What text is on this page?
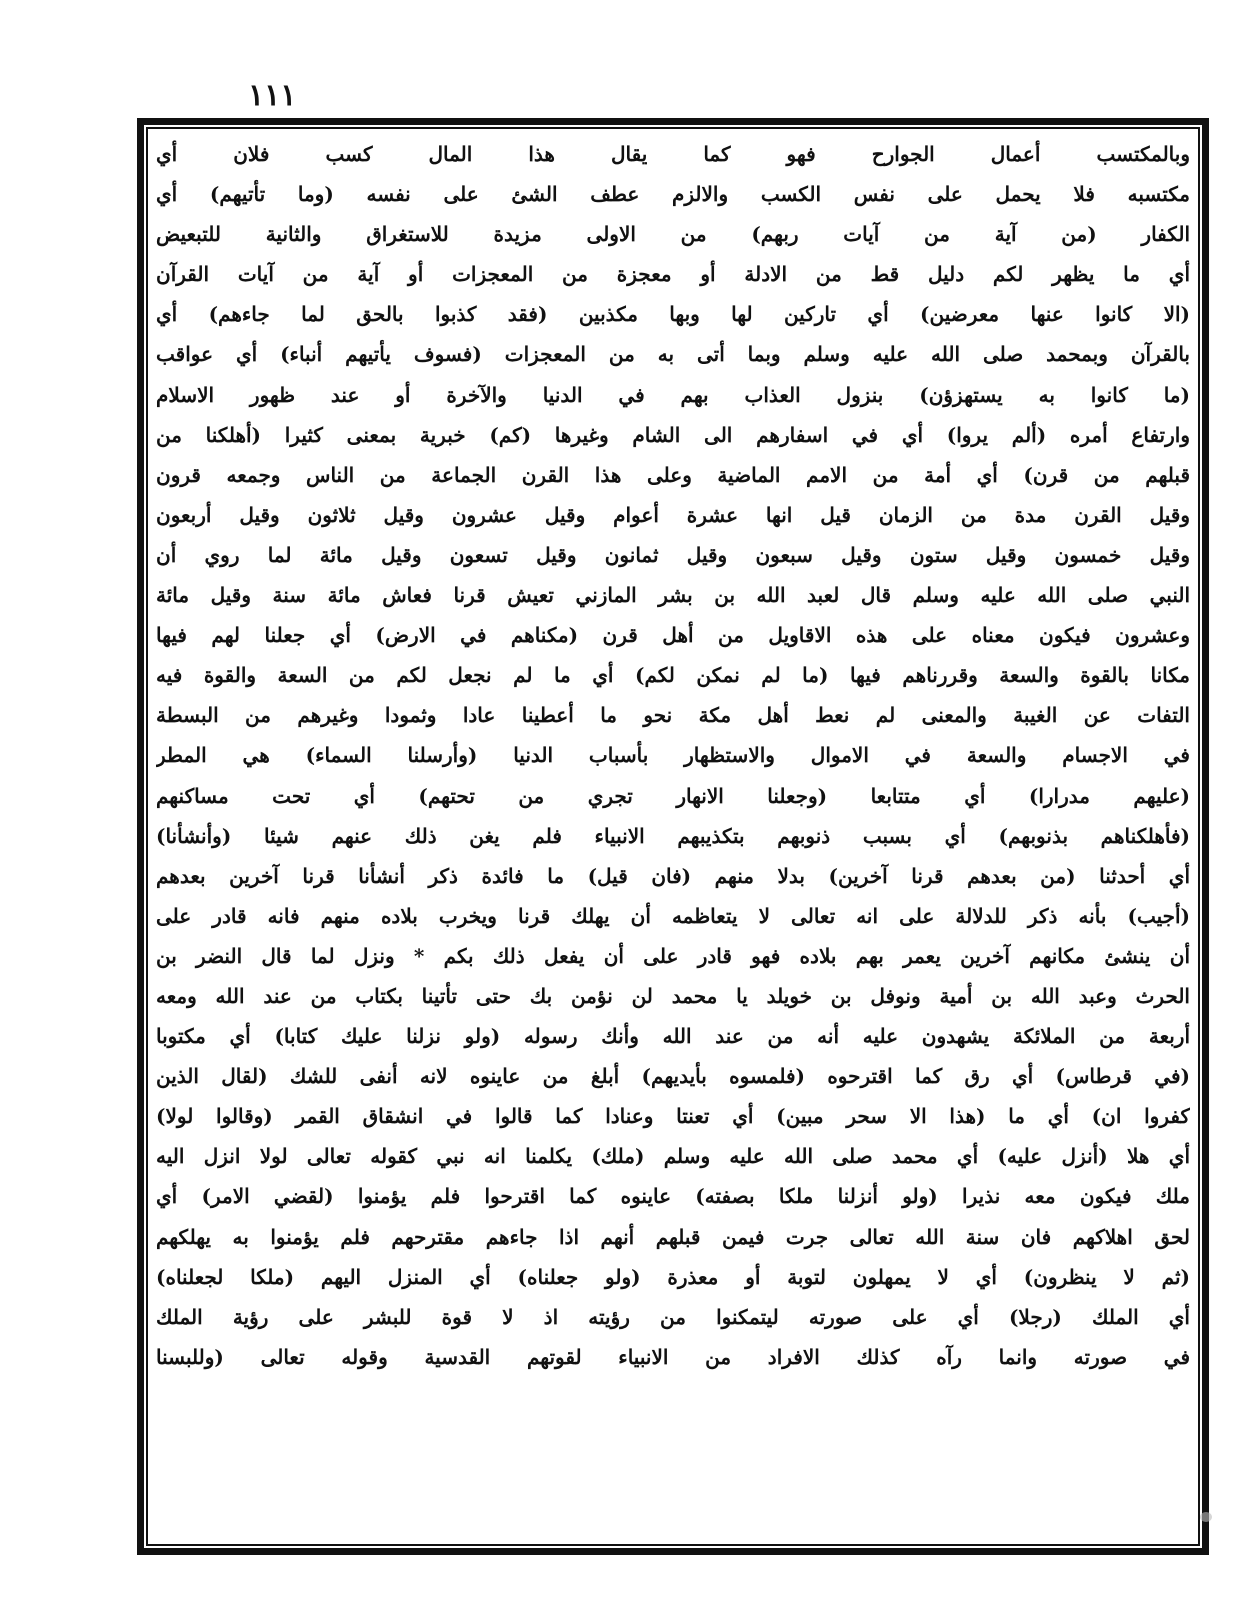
١١١
وبالمكتسب أعمال الجوارح فهو كما يقال هذا المال كسب فلان أي
مكتسبه فلا يحمل على نفس الكسب والالزم عطف الشئ على نفسه (وما تأتيهم) أي
الكفار (من آية من آيات ربهم) من الاولى مزيدة للاستغراق والثانية للتبعيض
أي ما يظهر لكم دليل قط من الادلة أو معجزة من المعجزات أو آية من آيات القرآن
(الا كانوا عنها معرضين) أي تاركين لها وبها مكذبين (فقد كذبوا بالحق لما جاءهم) أي
بالقرآن وبمحمد صلى الله عليه وسلم وبما أتى به من المعجزات (فسوف يأتيهم أنباء) أي عواقب
(ما كانوا به يستهزؤن) بنزول العذاب بهم في الدنيا والآخرة أو عند ظهور الاسلام
وارتفاع أمره (ألم يروا) أي في اسفارهم الى الشام وغيرها (كم) خبرية بمعنى كثيرا (أهلكنا من
قبلهم من قرن) أي أمة من الامم الماضية وعلى هذا القرن الجماعة من الناس وجمعه قرون
وقيل القرن مدة من الزمان قيل انها عشرة أعوام وقيل عشرون وقيل ثلاثون وقيل أربعون
وقيل خمسون وقيل ستون وقيل سبعون وقيل ثمانون وقيل تسعون وقيل مائة لما روي أن
النبي صلى الله عليه وسلم قال لعبد الله بن بشر المازني تعيش قرنا فعاش مائة سنة وقيل مائة
وعشرون فيكون معناه على هذه الاقاويل من أهل قرن (مكناهم في الارض) أي جعلنا لهم فيها
مكانا بالقوة والسعة وقررناهم فيها (ما لم نمكن لكم) أي ما لم نجعل لكم من السعة والقوة فيه
التفات عن الغيبة والمعنى لم نعط أهل مكة نحو ما أعطينا عادا وثمودا وغيرهم من البسطة
في الاجسام والسعة في الاموال والاستظهار بأسباب الدنيا (وأرسلنا السماء) هي المطر
(عليهم مدرارا) أي متتابعا (وجعلنا الانهار تجري من تحتهم) أي تحت مساكنهم
(فأهلكناهم بذنوبهم) أي بسبب ذنوبهم بتكذيبهم الانبياء فلم يغن ذلك عنهم شيئا (وأنشأنا)
أي أحدثنا (من بعدهم قرنا آخرين) بدلا منهم (فان قيل) ما فائدة ذكر أنشأنا قرنا آخرين بعدهم
(أجيب) بأنه ذكر للدلالة على انه تعالى لا يتعاظمه أن يهلك قرنا ويخرب بلاده منهم فانه قادر على
أن ينشئ مكانهم آخرين يعمر بهم بلاده فهو قادر على أن يفعل ذلك بكم * ونزل لما قال النضر بن
الحرث وعبد الله بن أمية ونوفل بن خويلد يا محمد لن نؤمن بك حتى تأتينا بكتاب من عند الله ومعه
أربعة من الملائكة يشهدون عليه أنه من عند الله وأنك رسوله (ولو نزلنا عليك كتابا) أي مكتوبا
(في قرطاس) أي رق كما اقترحوه (فلمسوه بأيديهم) أبلغ من عاينوه لانه أنفى للشك (لقال الذين
كفروا ان) أي ما (هذا الا سحر مبين) أي تعنتا وعنادا كما قالوا في انشقاق القمر (وقالوا لولا)
أي هلا (أنزل عليه) أي محمد صلى الله عليه وسلم (ملك) يكلمنا انه نبي كقوله تعالى لولا انزل اليه
ملك فيكون معه نذيرا (ولو أنزلنا ملكا بصفته) عاينوه كما اقترحوا فلم يؤمنوا (لقضي الامر) أي
لحق اهلاكهم فان سنة الله تعالى جرت فيمن قبلهم أنهم اذا جاءهم مقترحهم فلم يؤمنوا به يهلكهم
(ثم لا ينظرون) أي لا يمهلون لتوبة أو معذرة (ولو جعلناه) أي المنزل اليهم (ملكا لجعلناه)
أي الملك (رجلا) أي على صورته ليتمكنوا من رؤيته اذ لا قوة للبشر على رؤية الملك
في صورته وانما رآه كذلك الافراد من الانبياء لقوتهم القدسية وقوله تعالى (وللبسنا
